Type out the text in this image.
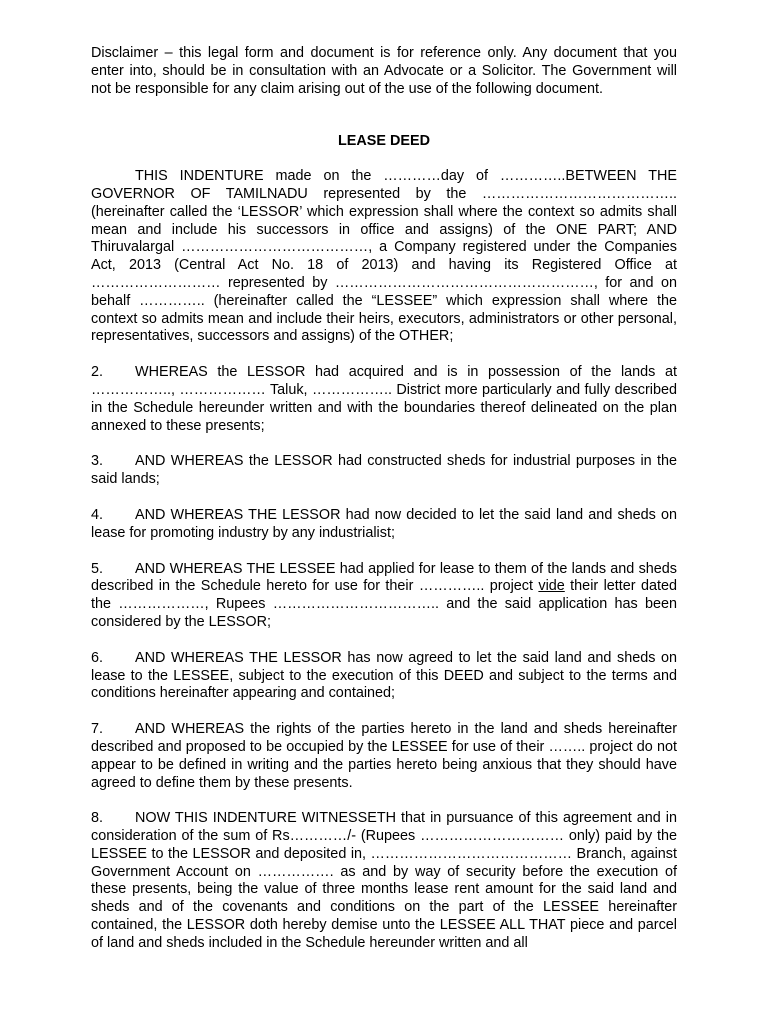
Disclaimer – this legal form and document is for reference only. Any document that you enter into, should be in consultation with an Advocate or a Solicitor. The Government will not be responsible for any claim arising out of the use of the following document.

LEASE DEED

THIS INDENTURE made on the …………day of …………..BETWEEN THE GOVERNOR OF TAMILNADU represented by the ………………………………….. (hereinafter called the ‘LESSOR’ which expression shall where the context so admits shall mean and include his successors in office and assigns) of the ONE PART; AND Thiruvalargal …………………………………, a Company registered under the Companies Act, 2013 (Central Act No. 18 of 2013) and having its Registered Office at ……………………… represented by ………………………………………………, for and on behalf ………….. (hereinafter called the “LESSEE” which expression shall where the context so admits mean and include their heirs, executors, administrators or other personal, representatives, successors and assigns) of the OTHER;

2. WHEREAS the LESSOR had acquired and is in possession of the lands at …………….., ……………… Taluk, …………….. District more particularly and fully described in the Schedule hereunder written and with the boundaries thereof delineated on the plan annexed to these presents;

3. AND WHEREAS the LESSOR had constructed sheds for industrial purposes in the said lands;

4. AND WHEREAS THE LESSOR had now decided to let the said land and sheds on lease for promoting industry by any industrialist;

5. AND WHEREAS THE LESSEE had applied for lease to them of the lands and sheds described in the Schedule hereto for use for their ………….. project vide their letter dated the ………………, Rupees …………………………….. and the said application has been considered by the LESSOR;

6. AND WHEREAS THE LESSOR has now agreed to let the said land and sheds on lease to the LESSEE, subject to the execution of this DEED and subject to the terms and conditions hereinafter appearing and contained;

7. AND WHEREAS the rights of the parties hereto in the land and sheds hereinafter described and proposed to be occupied by the LESSEE for use of their …….. project do not appear to be defined in writing and the parties hereto being anxious that they should have agreed to define them by these presents.

8. NOW THIS INDENTURE WITNESSETH that in pursuance of this agreement and in consideration of the sum of Rs…………/- (Rupees ………………………… only) paid by the LESSEE to the LESSOR and deposited in, …………………………………… Branch, against Government Account on ……………. as and by way of security before the execution of these presents, being the value of three months lease rent amount for the said land and sheds and of the covenants and conditions on the part of the LESSEE hereinafter contained, the LESSOR doth hereby demise unto the LESSEE ALL THAT piece and parcel of land and sheds included in the Schedule hereunder written and all
